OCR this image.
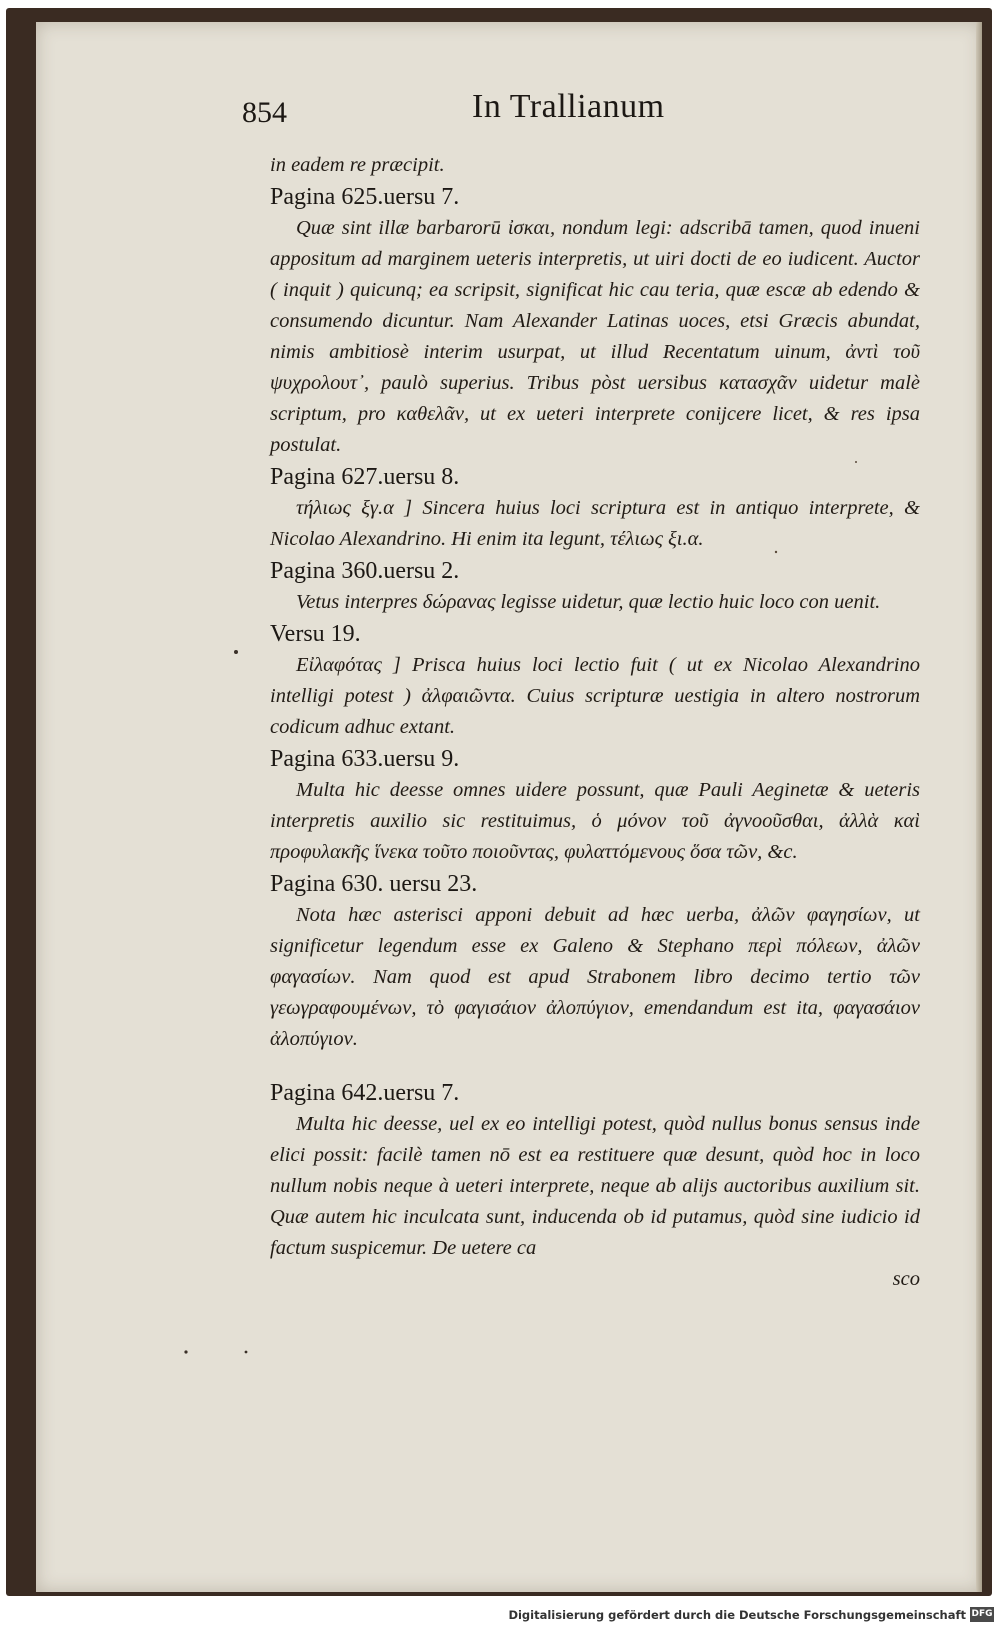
854	In Trallianum

in eadem re præcipit.

Pagina 625.uersu 7.

Quæ sint illæ barbarorū ἰσκαι, nondum legi: adscribā tamen, quod inueni appositum ad marginem ueteris interpretis, ut uiri docti de eo iudicent. Auctor ( inquit ) quicunq; ea scripsit, significat hic cau teria, quæ escæ ab edendo & consumendo dicuntur. Nam Alexander Latinas uoces, etsi Græcis abundat, nimis ambitiosè interim usurpat, ut illud Recentatum uinum, ἀντὶ τοῦ ψυχρολουτ᾽, paulò superius. Tribus pòst uersibus κατασχᾶν uidetur malè scriptum, pro καθελᾶν, ut ex ueteri interprete conijcere licet, & res ipsa postulat.

Pagina 627.uersu 8.

τήλιως ξγ.α ] Sincera huius loci scriptura est in antiquo interprete, & Nicolao Alexandrino. Hi enim ita legunt, τέλιως ξι.α.

Pagina 360.uersu 2.

Vetus interpres δώρανας legisse uidetur, quæ lectio huic loco con uenit.

Versu 19.

Εἰλαφότας ] Prisca huius loci lectio fuit ( ut ex Nicolao Alexandrino intelligi potest ) ἀλφαιῶντα. Cuius scripturæ uestigia in altero nostrorum codicum adhuc extant.

Pagina 633.uersu 9.

Multa hic deesse omnes uidere possunt, quæ Pauli Aeginetæ & ueteris interpretis auxilio sic restituimus, ὁ μόνον τοῦ ἀγνοοῦσθαι, ἀλλὰ καὶ προφυλακῆς ἵνεκα τοῦτο ποιοῦντας, φυλαττόμενους ὅσα τῶν, &c.

Pagina 630. uersu 23.

Nota hæc asterisci apponi debuit ad hæc uerba, ἀλῶν φαγησίων, ut significetur legendum esse ex Galeno & Stephano περὶ πόλεων, ἀλῶν φαγασίων. Nam quod est apud Strabonem libro decimo tertio τῶν γεωγραφουμένων, τὸ φαγισάιον ἀλοπύγιον, emendandum est ita, φαγασάιον ἀλοπύγιον.

Pagina 642.uersu 7.

Multa hic deesse, uel ex eo intelligi potest, quòd nullus bonus sensus inde elici possit: facilè tamen nō est ea restituere quæ desunt, quòd hoc in loco nullum nobis neque à ueteri interprete, neque ab alijs auctoribus auxilium sit. Quæ autem hic inculcata sunt, inducenda ob id putamus, quòd sine iudicio id factum suspicemur. De uetere ca

sco

Digitalisierung gefördert durch die Deutsche Forschungsgemeinschaft DFG
